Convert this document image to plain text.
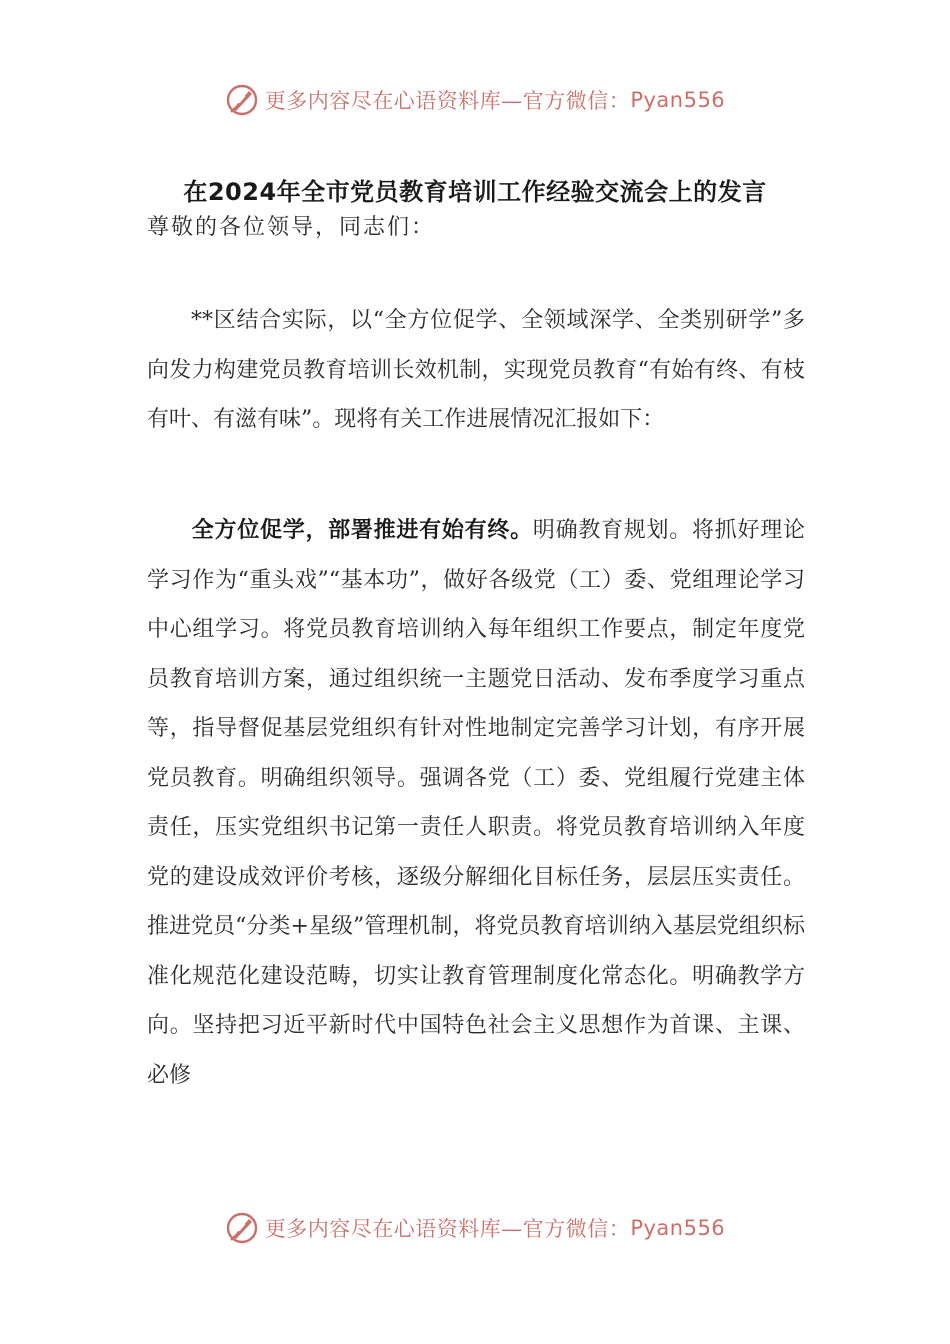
更多内容尽在心语资料库—官方微信： Pyan556
在2024年全市党员教育培训工作经验交流会上的发言
尊敬的各位领导，同志们：

**区结合实际，以“全方位促学、全领域深学、全类别研学”多向发力构建党员教育培训长效机制，实现党员教育“有始有终、有枝有叶、有滋有味”。现将有关工作进展情况汇报如下：

全方位促学，部署推进有始有终。明确教育规划。将抓好理论学习作为“重头戏”“基本功”，做好各级党（工）委、党组理论学习中心组学习。将党员教育培训纳入每年组织工作要点，制定年度党员教育培训方案，通过组织统一主题党日活动、发布季度学习重点等，指导督促基层党组织有针对性地制定完善学习计划，有序开展党员教育。明确组织领导。强调各党（工）委、党组履行党建主体责任，压实党组织书记第一责任人职责。将党员教育培训纳入年度党的建设成效评价考核，逐级分解细化目标任务，层层压实责任。推进党员“分类+星级”管理机制，将党员教育培训纳入基层党组织标准化规范化建设范畴，切实让教育管理制度化常态化。明确教学方向。坚持把习近平新时代中国特色社会主义思想作为首课、主课、必修

更多内容尽在心语资料库—官方微信： Pyan556
